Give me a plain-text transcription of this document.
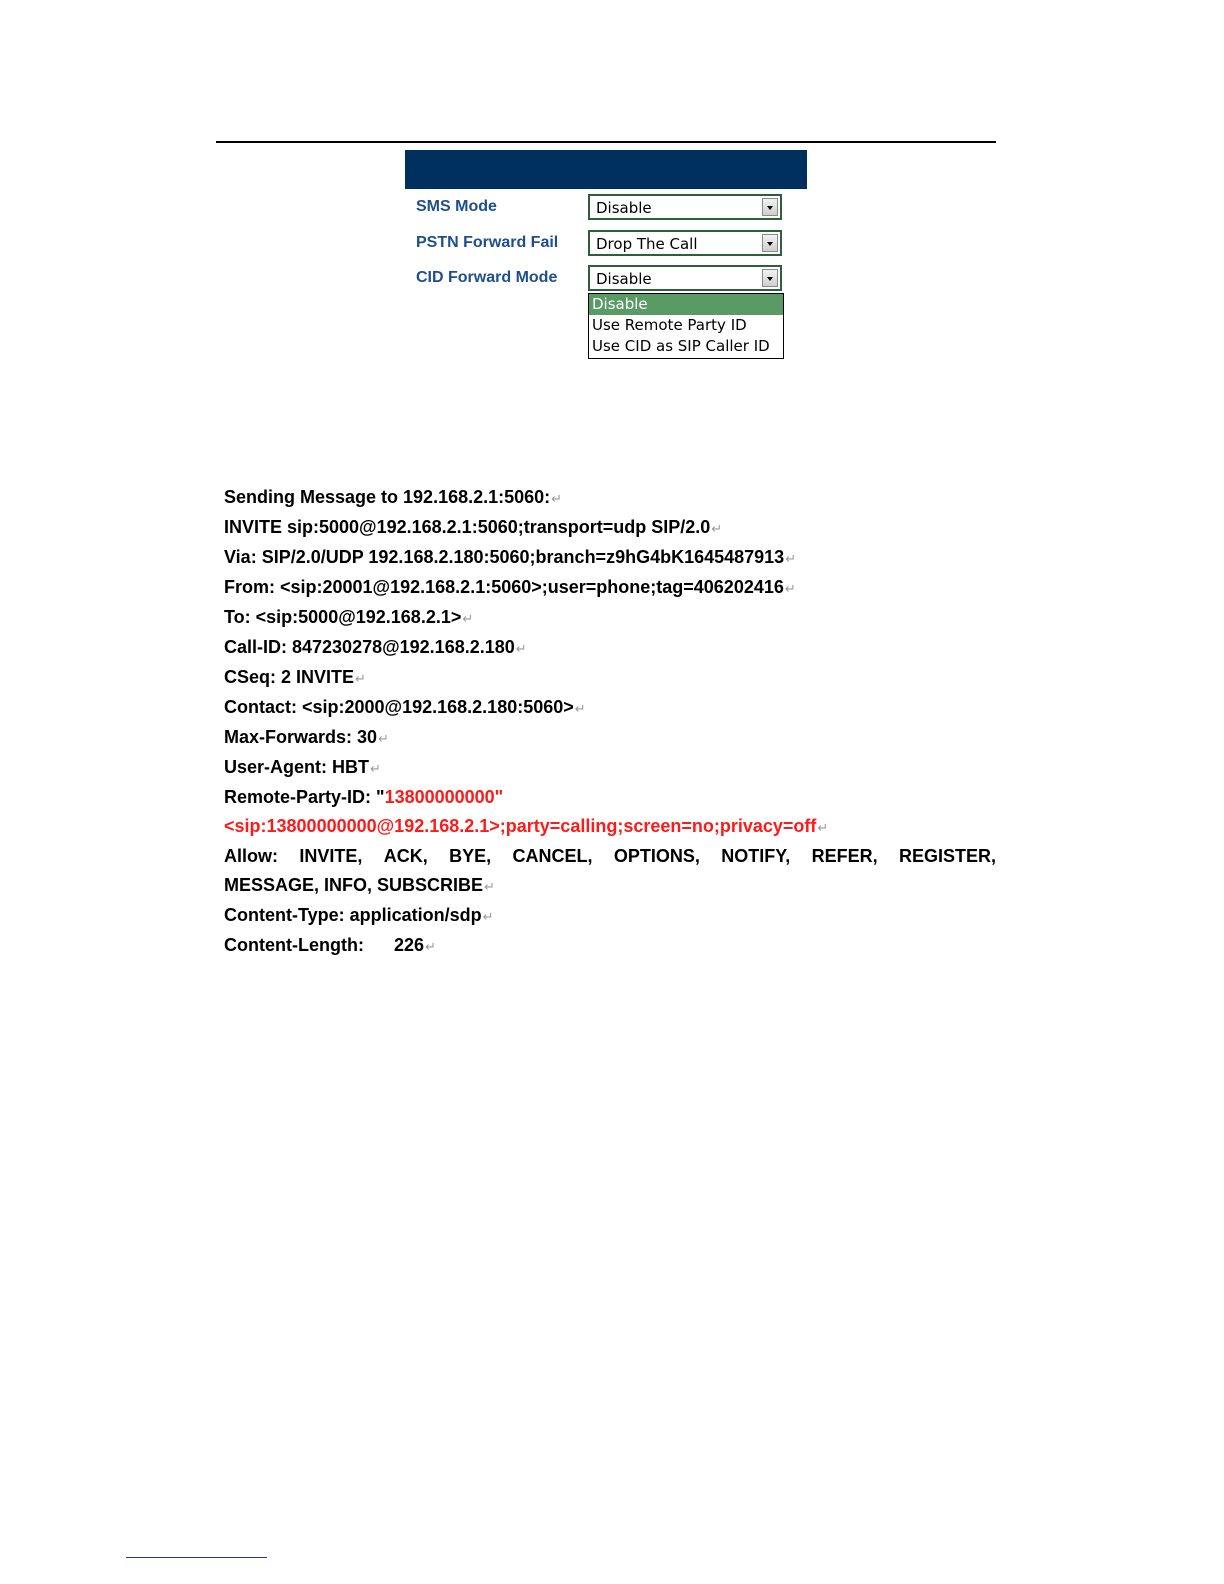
SMS Mode	Disable
PSTN Forward Fail	Drop The Call
CID Forward Mode	Disable
Disable
Use Remote Party ID
Use CID as SIP Caller ID
Sending Message to 192.168.2.1:5060:↵
INVITE sip:5000@192.168.2.1:5060;transport=udp SIP/2.0↵
Via: SIP/2.0/UDP 192.168.2.180:5060;branch=z9hG4bK1645487913↵
From: <sip:20001@192.168.2.1:5060>;user=phone;tag=406202416↵
To: <sip:5000@192.168.2.1>↵
Call-ID: 847230278@192.168.2.180↵
CSeq: 2 INVITE↵
Contact: <sip:2000@192.168.2.180:5060>↵
Max-Forwards: 30↵
User-Agent: HBT↵
Remote-Party-ID: "13800000000"
<sip:13800000000@192.168.2.1>;party=calling;screen=no;privacy=off↵
Allow: INVITE, ACK, BYE, CANCEL, OPTIONS, NOTIFY, REFER, REGISTER,
MESSAGE, INFO, SUBSCRIBE↵
Content-Type: application/sdp↵
Content-Length: 226↵
